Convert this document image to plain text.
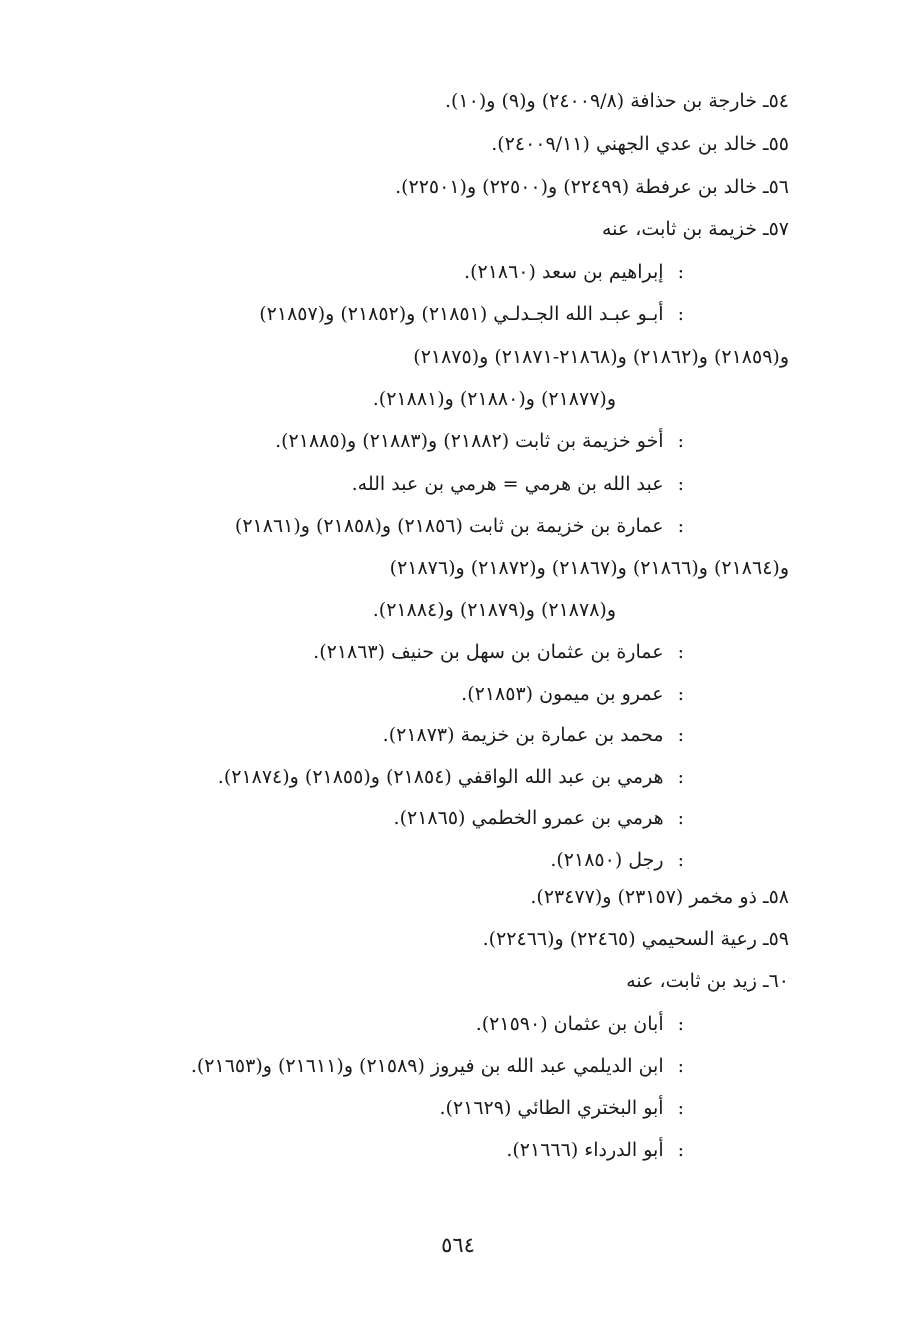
٥٤ـ خارجة بن حذافة (٢٤٠٠٩/٨) و(٩) و(١٠).
٥٥ـ خالد بن عدي الجهني (٢٤٠٠٩/١١).
٥٦ـ خالد بن عرفطة (٢٢٤٩٩) و(٢٢٥٠٠) و(٢٢٥٠١).
٥٧ـ خزيمة بن ثابت، عنه
:إبراهيم بن سعد (٢١٨٦٠).
:أبـو عبـد الله الجـدلـي (٢١٨٥١) و(٢١٨٥٢) و(٢١٨٥٧)
و(٢١٨٥٩) و(٢١٨٦٢) و(٢١٨٦٨-٢١٨٧١) و(٢١٨٧٥)
و(٢١٨٧٧) و(٢١٨٨٠) و(٢١٨٨١).
:أخو خزيمة بن ثابت (٢١٨٨٢) و(٢١٨٨٣) و(٢١٨٨٥).
:عبد الله بن هرمي = هرمي بن عبد الله.
:عمارة بن خزيمة بن ثابت (٢١٨٥٦) و(٢١٨٥٨) و(٢١٨٦١)
و(٢١٨٦٤) و(٢١٨٦٦) و(٢١٨٦٧) و(٢١٨٧٢) و(٢١٨٧٦)
و(٢١٨٧٨) و(٢١٨٧٩) و(٢١٨٨٤).
:عمارة بن عثمان بن سهل بن حنيف (٢١٨٦٣).
:عمرو بن ميمون (٢١٨٥٣).
:محمد بن عمارة بن خزيمة (٢١٨٧٣).
:هرمي بن عبد الله الواقفي (٢١٨٥٤) و(٢١٨٥٥) و(٢١٨٧٤).
:هرمي بن عمرو الخطمي (٢١٨٦٥).
:رجل (٢١٨٥٠).
٥٨ـ ذو مخمر (٢٣١٥٧) و(٢٣٤٧٧).
٥٩ـ رعية السحيمي (٢٢٤٦٥) و(٢٢٤٦٦).
٦٠ـ زيد بن ثابت، عنه
:أبان بن عثمان (٢١٥٩٠).
:ابن الديلمي عبد الله بن فيروز (٢١٥٨٩) و(٢١٦١١) و(٢١٦٥٣).
:أبو البختري الطائي (٢١٦٢٩).
:أبو الدرداء (٢١٦٦٦).
٥٦٤
